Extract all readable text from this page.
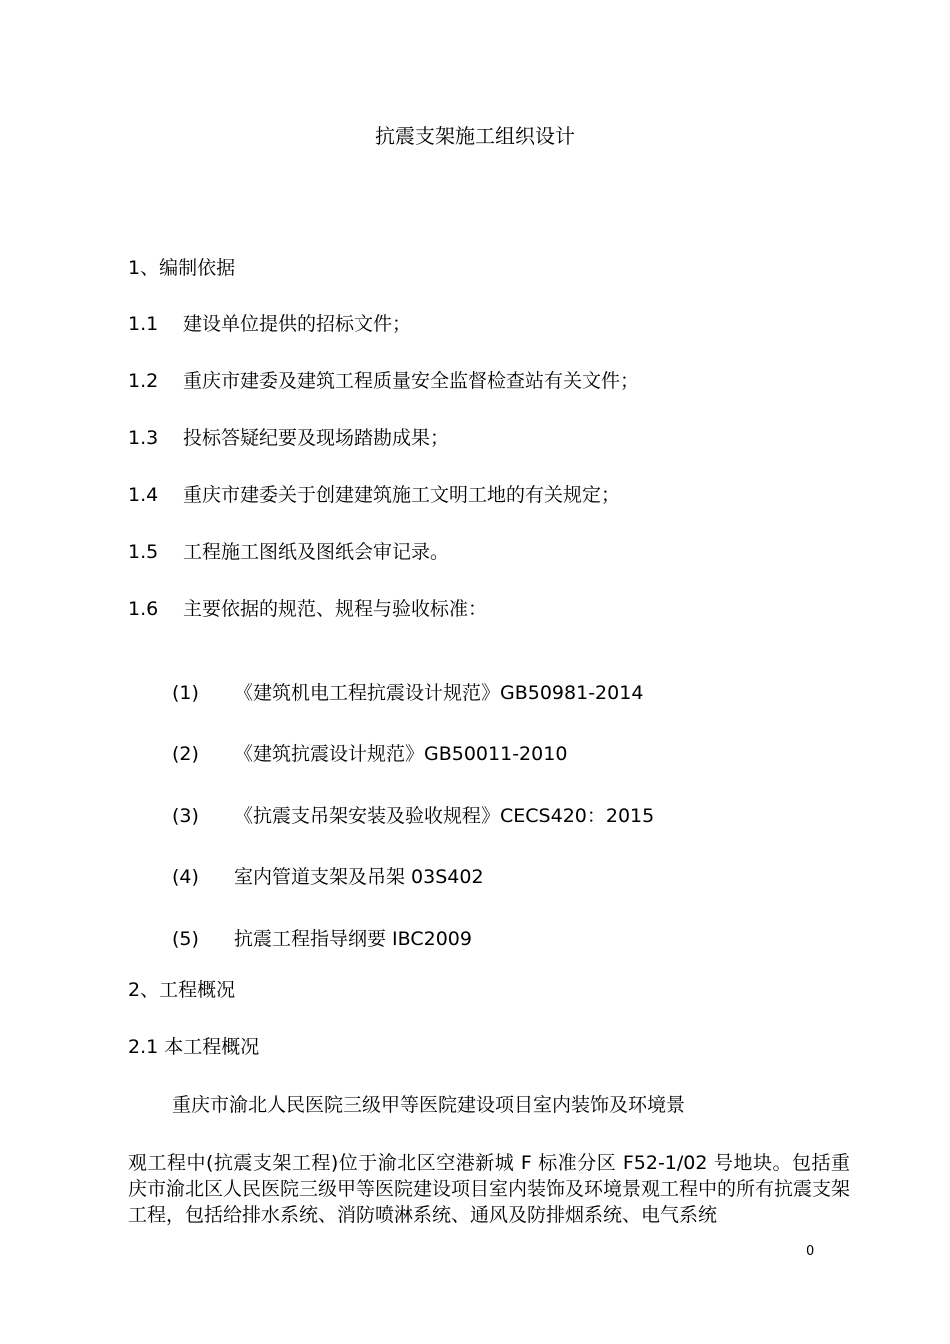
抗震支架施工组织设计
1、编制依据
1.1 建设单位提供的招标文件；
1.2 重庆市建委及建筑工程质量安全监督检查站有关文件；
1.3 投标答疑纪要及现场踏勘成果；
1.4 重庆市建委关于创建建筑施工文明工地的有关规定；
1.5 工程施工图纸及图纸会审记录。
1.6 主要依据的规范、规程与验收标准：
(1) 《建筑机电工程抗震设计规范》GB50981-2014
(2) 《建筑抗震设计规范》GB50011-2010
(3) 《抗震支吊架安装及验收规程》CECS420：2015
(4) 室内管道支架及吊架 03S402
(5) 抗震工程指导纲要 IBC2009
2、工程概况
2.1 本工程概况
重庆市渝北人民医院三级甲等医院建设项目室内装饰及环境景
观工程中(抗震支架工程)位于渝北区空港新城 F 标准分区 F52-1/02 号地块。包括重庆市渝北区人民医院三级甲等医院建设项目室内装饰及环境景观工程中的所有抗震支架工程，包括给排水系统、消防喷淋系统、通风及防排烟系统、电气系统
0
